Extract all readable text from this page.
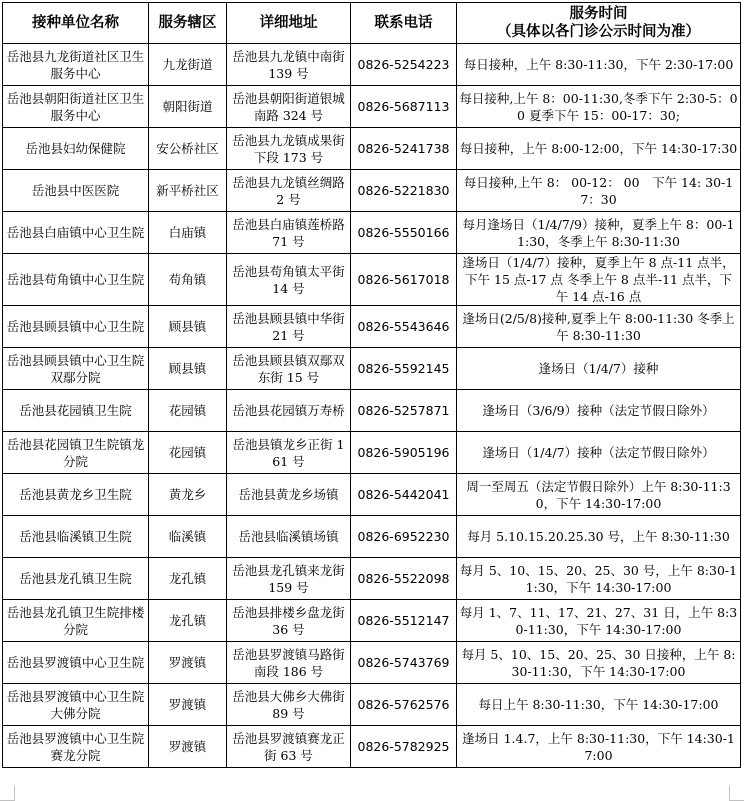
接种单位名称	服务辖区	详细地址	联系电话	服务时间
（具体以各门诊公示时间为准）

岳池县九龙街道社区卫生服务中心	九龙街道	岳池县九龙镇中南街 139 号	0826-5254223	每日接种，上午 8:30-11:30，下午 2:30-17:00
岳池县朝阳街道社区卫生服务中心	朝阳街道	岳池县朝阳街道银城南路 324 号	0826-5687113	每日接种,上午 8：00-11:30,冬季下午 2:30-5：00 夏季下午 15：00-17：30;
岳池县妇幼保健院	安公桥社区	岳池县九龙镇成果街下段 173 号	0826-5241738	每日接种，上午 8:00-12:00，下午 14:30-17:30
岳池县中医医院	新平桥社区	岳池县九龙镇丝绸路 2 号	0826-5221830	每日接种,上午 8： 00-12： 00　下午 14: 30-17：30
岳池县白庙镇中心卫生院	白庙镇	岳池县白庙镇莲桥路 71 号	0826-5550166	每月逢场日（1/4/7/9）接种，夏季上午 8：00-11:30，冬季上午 8:30-11:30
岳池县苟角镇中心卫生院	苟角镇	岳池县苟角镇太平街 14 号	0826-5617018	逢场日（1/4/7）接种，夏季上午 8 点-11 点半，下午 15 点-17 点 冬季上午 8 点半-11 点半，下午 14 点-16 点
岳池县顾县镇中心卫生院	顾县镇	岳池县顾县镇中华街 21 号	0826-5543646	逢场日(2/5/8)接种,夏季上午 8:00-11:30 冬季上午 8:30-11:30
岳池县顾县镇中心卫生院双鄢分院	顾县镇	岳池县顾县镇双鄢双东街 15 号	0826-5592145	逢场日（1/4/7）接种
岳池县花园镇卫生院	花园镇	岳池县花园镇万寿桥	0826-5257871	逢场日（3/6/9）接种（法定节假日除外）
岳池县花园镇卫生院镇龙分院	花园镇	岳池县镇龙乡正街 161 号	0826-5905196	逢场日（1/4/7）接种（法定节假日除外）
岳池县黄龙乡卫生院	黄龙乡	岳池县黄龙乡场镇	0826-5442041	周一至周五（法定节假日除外）上午 8:30-11:30，下午 14:30-17:00
岳池县临溪镇卫生院	临溪镇	岳池县临溪镇场镇	0826-6952230	每月 5.10.15.20.25.30 号，上午 8:30-11:30
岳池县龙孔镇卫生院	龙孔镇	岳池县龙孔镇来龙街 159 号	0826-5522098	每月 5、10、15、20、25、30 号，上午 8:30-11:30，下午 14:30-17:00
岳池县龙孔镇卫生院排楼分院	龙孔镇	岳池县排楼乡盘龙街 36 号	0826-5512147	每月 1、7、11、17、21、27、31 日，上午 8:30-11:30，下午 14:30-17:00
岳池县罗渡镇中心卫生院	罗渡镇	岳池县罗渡镇马路街南段 186 号	0826-5743769	每月 5、10、15、20、25、30 日接种，上午 8:30-11:30，下午 14:30-17:00
岳池县罗渡镇中心卫生院大佛分院	罗渡镇	岳池县大佛乡大佛街 89 号	0826-5762576	每日上午 8:30-11:30，下午 14:30-17:00
岳池县罗渡镇中心卫生院赛龙分院	罗渡镇	岳池县罗渡镇赛龙正街 63 号	0826-5782925	逢场日 1.4.7，上午 8:30-11:30，下午 14:30-17:00
